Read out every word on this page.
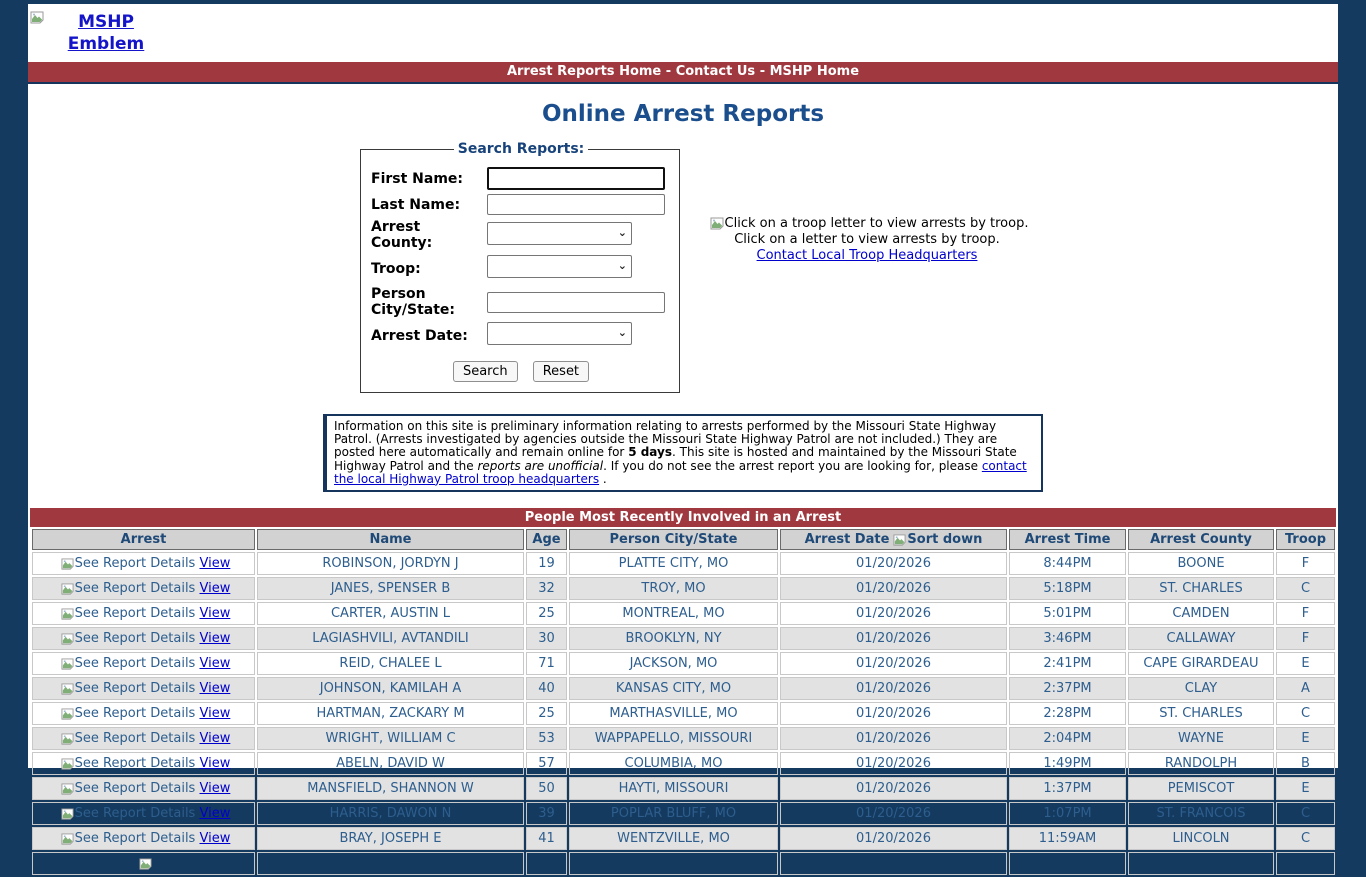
MSHP Emblem
Arrest Reports Home - Contact Us - MSHP Home
Online Arrest Reports
Search Reports:
First Name:	
Last Name:	
Arrest County:	
⌄

Troop:	⌄

Person City/State:	
Arrest Date:	⌄
Search	Reset
Click on a troop letter to view arrests by troop.
Click on a letter to view arrests by troop.
Contact Local Troop Headquarters
Information on this site is preliminary information relating to arrests performed by the Missouri State Highway Patrol. (Arrests investigated by agencies outside the Missouri State Highway Patrol are not included.) They are posted here automatically and remain online for 5 days. This site is hosted and maintained by the Missouri State Highway Patrol and the reports are unofficial. If you do not see the arrest report you are looking for, please contact the local Highway Patrol troop headquarters .
People Most Recently Involved in an Arrest
Arrest	Name	Age	Person City/State	Arrest Date Sort down	Arrest Time	Arrest County	Troop
See Report Details View	ROBINSON, JORDYN J	19	PLATTE CITY, MO	01/20/2026	8:44PM	BOONE	F
See Report Details View	JANES, SPENSER B	32	TROY, MO	01/20/2026	5:18PM	ST. CHARLES	C
See Report Details View	CARTER, AUSTIN L	25	MONTREAL, MO	01/20/2026	5:01PM	CAMDEN	F
See Report Details View	LAGIASHVILI, AVTANDILI	30	BROOKLYN, NY	01/20/2026	3:46PM	CALLAWAY	F
See Report Details View	REID, CHALEE L	71	JACKSON, MO	01/20/2026	2:41PM	CAPE GIRARDEAU	E
See Report Details View	JOHNSON, KAMILAH A	40	KANSAS CITY, MO	01/20/2026	2:37PM	CLAY	A
See Report Details View	HARTMAN, ZACKARY M	25	MARTHASVILLE, MO	01/20/2026	2:28PM	ST. CHARLES	C
See Report Details View	WRIGHT, WILLIAM C	53	WAPPAPELLO, MISSOURI	01/20/2026	2:04PM	WAYNE	E
See Report Details View	ABELN, DAVID W	57	COLUMBIA, MO	01/20/2026	1:49PM	RANDOLPH	B
See Report Details View	MANSFIELD, SHANNON W	50	HAYTI, MISSOURI	01/20/2026	1:37PM	PEMISCOT	E
See Report Details View	HARRIS, DAWON N	39	POPLAR BLUFF, MO	01/20/2026	1:07PM	ST. FRANCOIS	C
See Report Details View	BRAY, JOSEPH E	41	WENTZVILLE, MO	01/20/2026	11:59AM	LINCOLN	C
